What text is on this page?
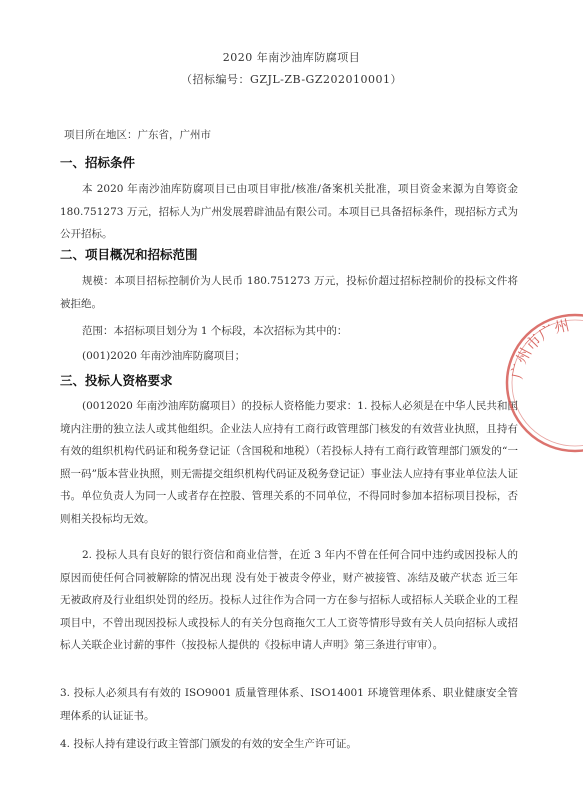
2020 年南沙油库防腐项目
（招标编号：GZJL-ZB-GZ202010001）
项目所在地区：广东省，广州市
一、招标条件
本 2020 年南沙油库防腐项目已由项目审批/核准/备案机关批准，项目资金来源为自筹资金 180.751273 万元，招标人为广州发展碧辟油品有限公司。本项目已具备招标条件，现招标方式为公开招标。
二、项目概况和招标范围
规模：本项目招标控制价为人民币 180.751273 万元，投标价超过招标控制价的投标文件将被拒绝。
范围：本招标项目划分为 1 个标段，本次招标为其中的：
(001)2020 年南沙油库防腐项目；
三、投标人资格要求
(0012020 年南沙油库防腐项目）的投标人资格能力要求：1. 投标人必须是在中华人民共和国境内注册的独立法人或其他组织。企业法人应持有工商行政管理部门核发的有效营业执照，且持有有效的组织机构代码证和税务登记证（含国税和地税）（若投标人持有工商行政管理部门颁发的“一照一码”版本营业执照，则无需提交组织机构代码证及税务登记证）事业法人应持有事业单位法人证书。单位负责人为同一人或者存在控股、管理关系的不同单位，不得同时参加本招标项目投标，否则相关投标均无效。
2. 投标人具有良好的银行资信和商业信誉，在近 3 年内不曾在任何合同中违约或因投标人的原因而使任何合同被解除的情况出现 没有处于被责令停业，财产被接管、冻结及破产状态 近三年无被政府及行业组织处罚的经历。投标人过往作为合同一方在参与招标人或招标人关联企业的工程项目中，不曾出现因投标人或投标人的有关分包商拖欠工人工资等情形导致有关人员向招标人或招标人关联企业讨薪的事件（按投标人提供的《投标申请人声明》第三条进行审审）。
3. 投标人必须具有有效的 ISO9001 质量管理体系、ISO14001 环境管理体系、职业健康安全管理体系的认证证书。
4. 投标人持有建设行政主管部门颁发的有效的安全生产许可证。
广州市广州
